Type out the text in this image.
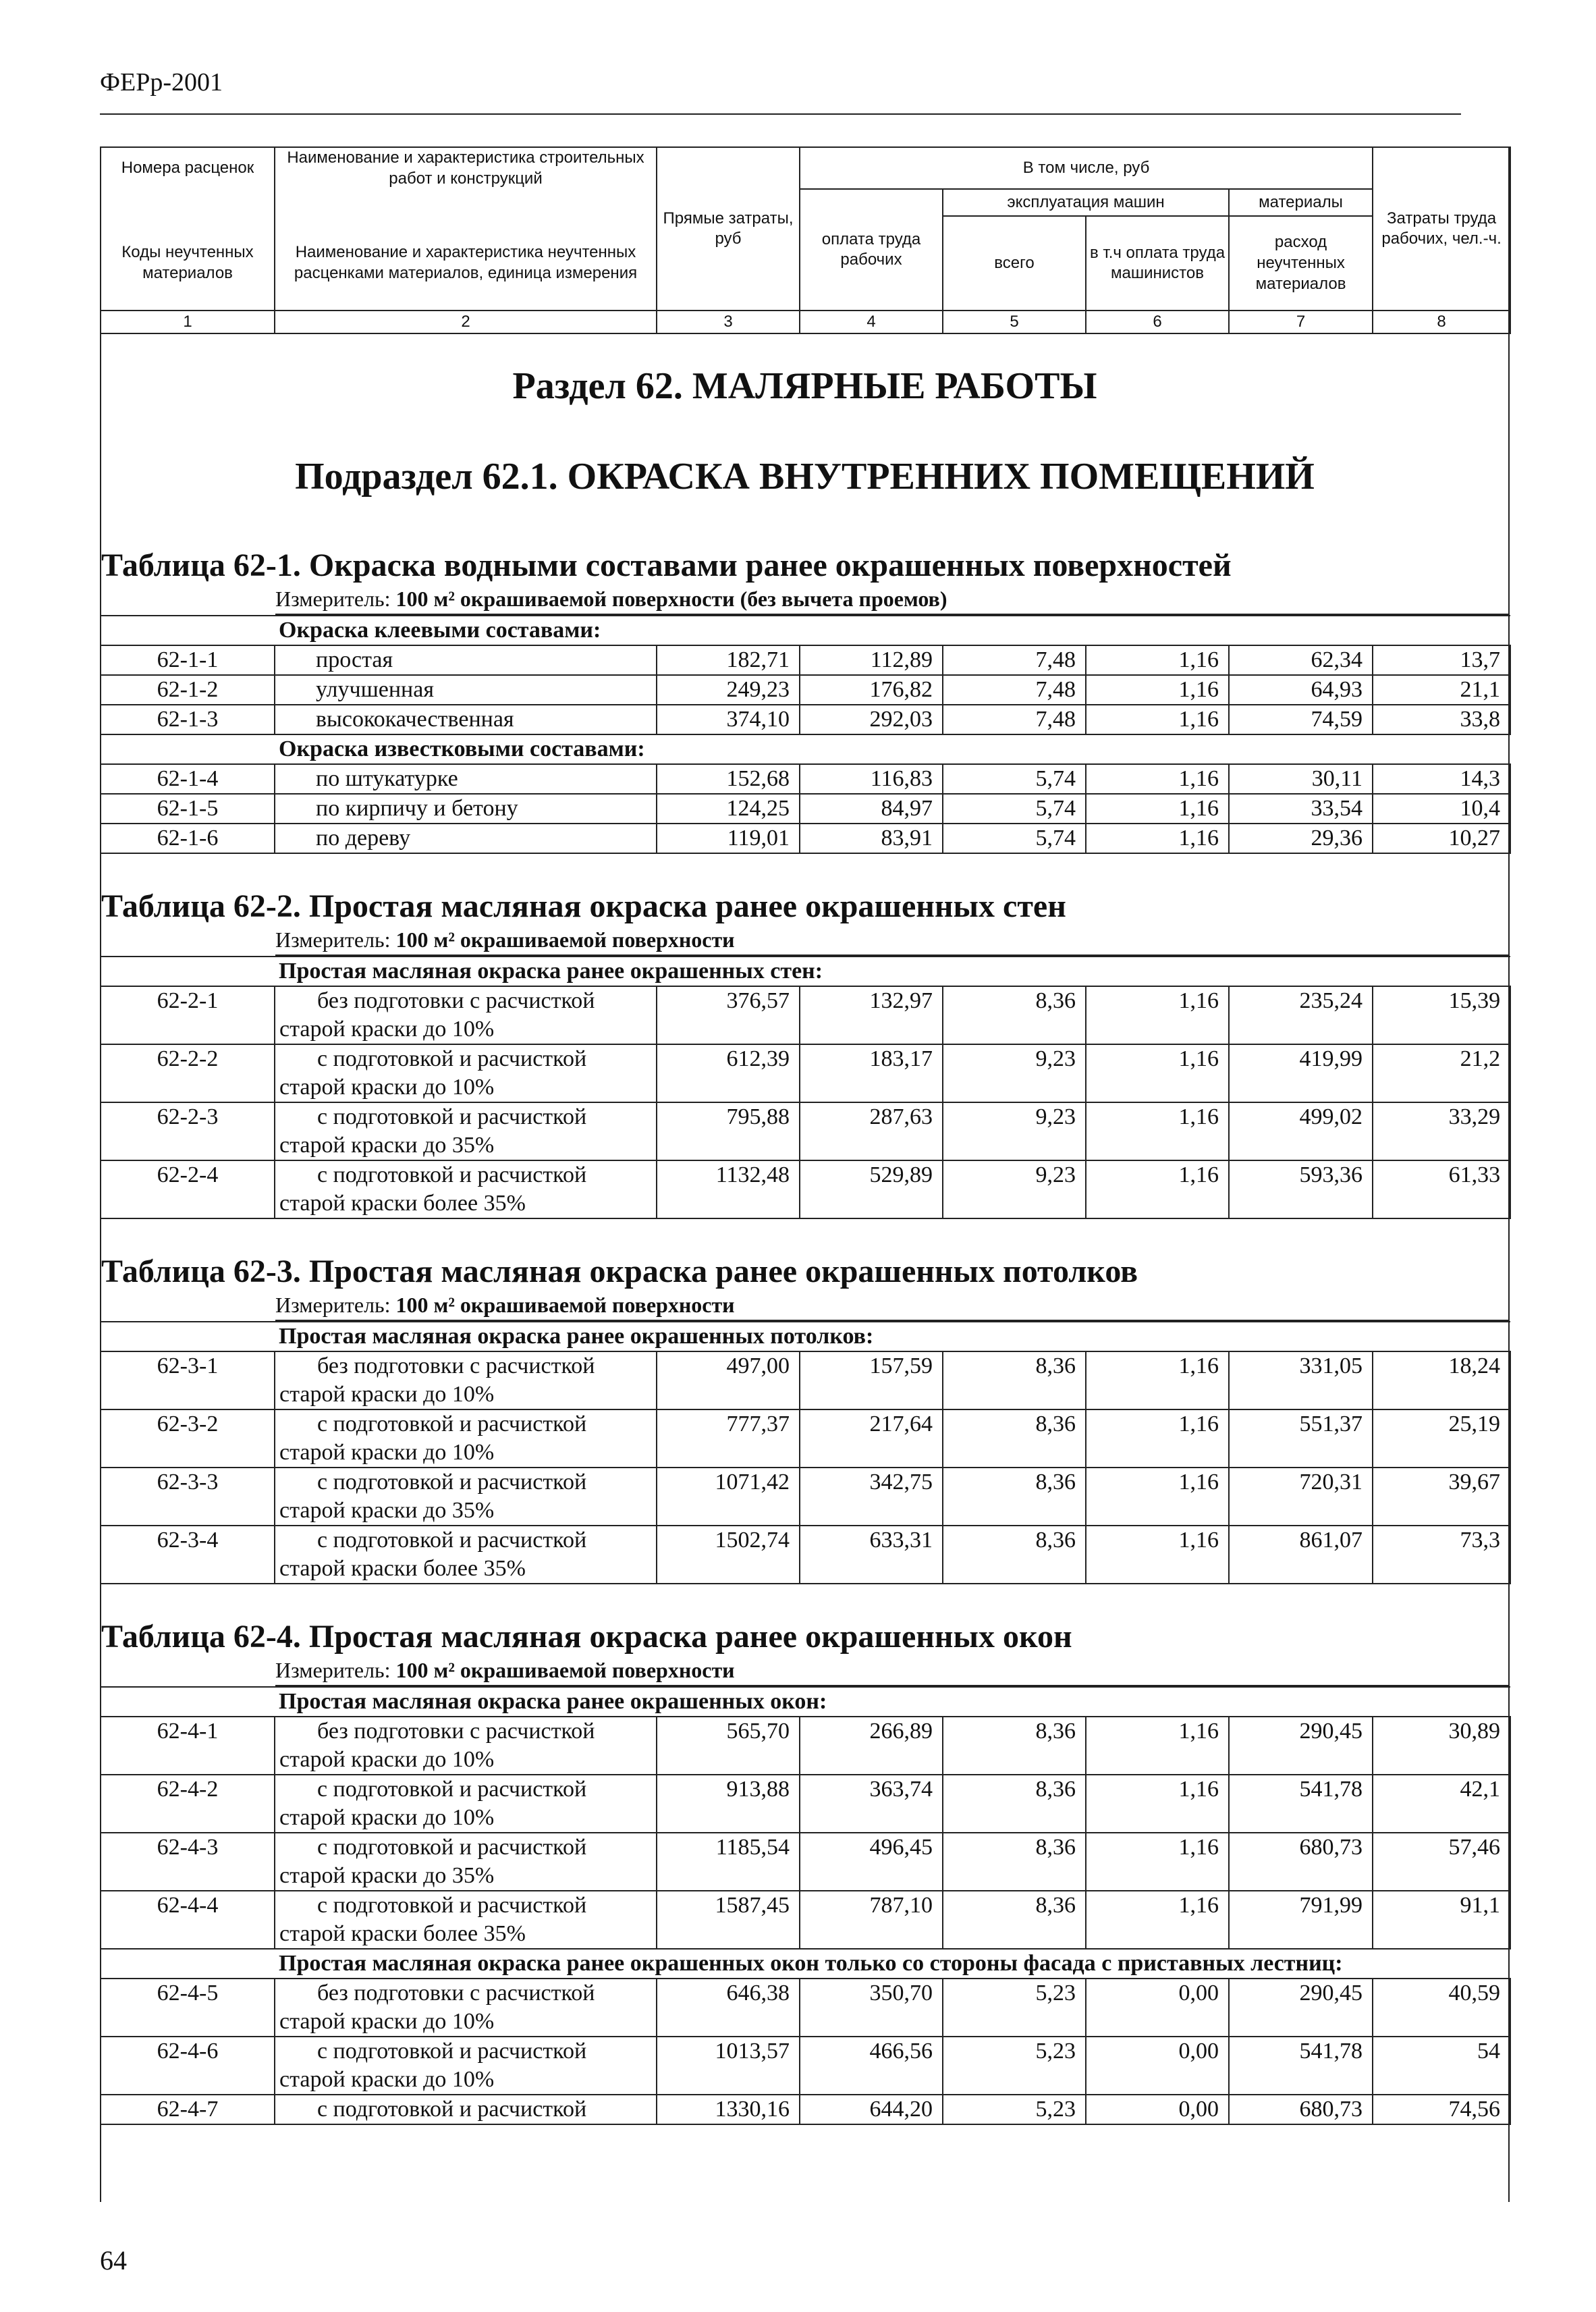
ФЕРр-2001
Номера расценок	Наименование и характеристика строительных работ и конструкций	Прямые затраты, руб	В том числе, руб				Затраты труда рабочих, чел.-ч.
			оплата труда рабочих	эксплуатация машин		материалы	
Коды неучтенных материалов	Наименование и характеристика неучтенных расценками материалов, единица измерения			всего	в т.ч оплата труда машинистов	расход неучтенных материалов	
1	2	3	4	5	6	7	8
Раздел 62. МАЛЯРНЫЕ РАБОТЫ
Подраздел 62.1. ОКРАСКА ВНУТРЕННИХ ПОМЕЩЕНИЙ
Таблица 62-1. Окраска водными составами ранее окрашенных поверхностей
Измеритель: 100 м² окрашиваемой поверхности (без вычета проемов)
	Окраска клеевыми составами:						
62-1-1	простая	182,71	112,89	7,48	1,16	62,34	13,7
62-1-2	улучшенная	249,23	176,82	7,48	1,16	64,93	21,1
62-1-3	высококачественная	374,10	292,03	7,48	1,16	74,59	33,8
	Окраска известковыми составами:						
62-1-4	по штукатурке	152,68	116,83	5,74	1,16	30,11	14,3
62-1-5	по кирпичу и бетону	124,25	84,97	5,74	1,16	33,54	10,4
62-1-6	по дереву	119,01	83,91	5,74	1,16	29,36	10,27
Таблица 62-2. Простая масляная окраска ранее окрашенных стен
Измеритель: 100 м² окрашиваемой поверхности
	Простая масляная окраска ранее окрашенных стен:						
62-2-1	без подготовки с расчисткой
старой краски до 10%	376,57	132,97	8,36	1,16	235,24	15,39
62-2-2	с подготовкой и расчисткой
старой краски до 10%	612,39	183,17	9,23	1,16	419,99	21,2
62-2-3	с подготовкой и расчисткой
старой краски до 35%	795,88	287,63	9,23	1,16	499,02	33,29
62-2-4	с подготовкой и расчисткой
старой краски более 35%	1132,48	529,89	9,23	1,16	593,36	61,33
Таблица 62-3. Простая масляная окраска ранее окрашенных потолков
Измеритель: 100 м² окрашиваемой поверхности
	Простая масляная окраска ранее окрашенных потолков:						
62-3-1	без подготовки с расчисткой
старой краски до 10%	497,00	157,59	8,36	1,16	331,05	18,24
62-3-2	с подготовкой и расчисткой
старой краски до 10%	777,37	217,64	8,36	1,16	551,37	25,19
62-3-3	с подготовкой и расчисткой
старой краски до 35%	1071,42	342,75	8,36	1,16	720,31	39,67
62-3-4	с подготовкой и расчисткой
старой краски более 35%	1502,74	633,31	8,36	1,16	861,07	73,3
Таблица 62-4. Простая масляная окраска ранее окрашенных окон
Измеритель: 100 м² окрашиваемой поверхности
	Простая масляная окраска ранее окрашенных окон:						
62-4-1	без подготовки с расчисткой
старой краски до 10%	565,70	266,89	8,36	1,16	290,45	30,89
62-4-2	с подготовкой и расчисткой
старой краски до 10%	913,88	363,74	8,36	1,16	541,78	42,1
62-4-3	с подготовкой и расчисткой
старой краски до 35%	1185,54	496,45	8,36	1,16	680,73	57,46
62-4-4	с подготовкой и расчисткой
старой краски более 35%	1587,45	787,10	8,36	1,16	791,99	91,1
	Простая масляная окраска ранее окрашенных окон только со стороны фасада с приставных лестниц:						
62-4-5	без подготовки с расчисткой
старой краски до 10%	646,38	350,70	5,23	0,00	290,45	40,59
62-4-6	с подготовкой и расчисткой
старой краски до 10%	1013,57	466,56	5,23	0,00	541,78	54
62-4-7	с подготовкой и расчисткой	1330,16	644,20	5,23	0,00	680,73	74,56
64
